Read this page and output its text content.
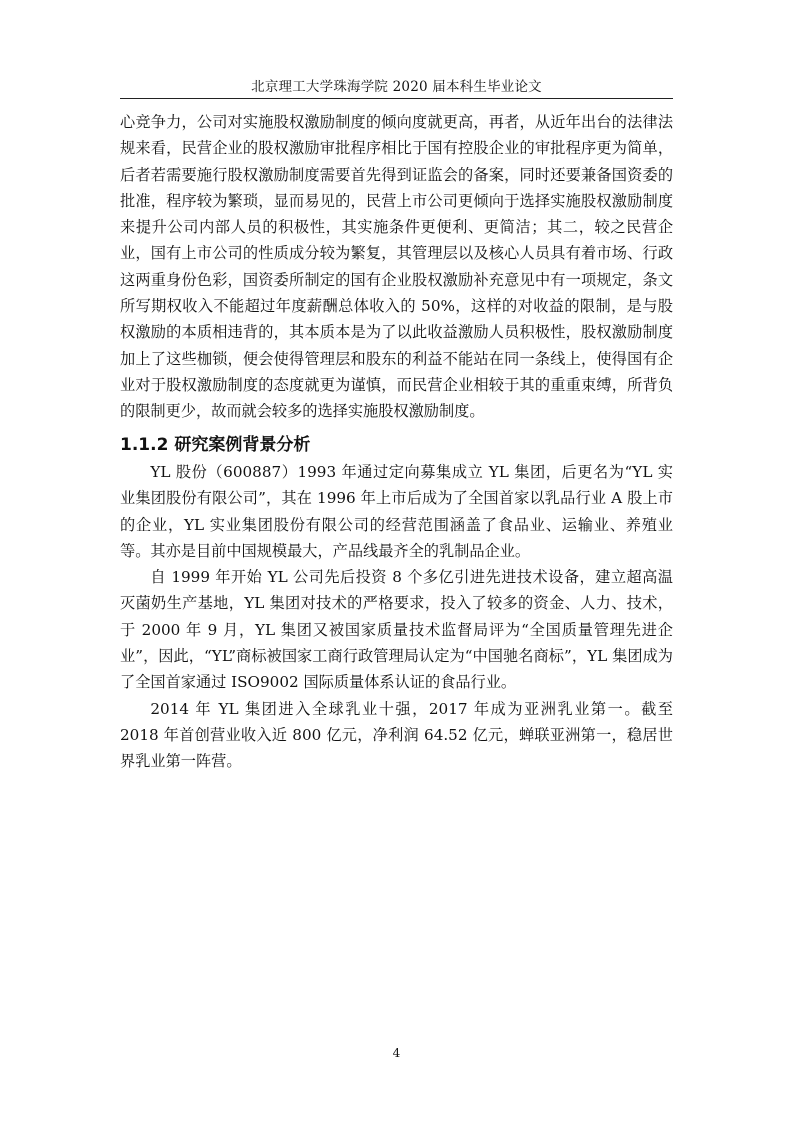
北京理工大学珠海学院 2020 届本科生毕业论文

心竞争力，公司对实施股权激励制度的倾向度就更高，再者，从近年出台的法律法规来看，民营企业的股权激励审批程序相比于国有控股企业的审批程序更为简单，后者若需要施行股权激励制度需要首先得到证监会的备案，同时还要兼备国资委的批准，程序较为繁琐，显而易见的，民营上市公司更倾向于选择实施股权激励制度来提升公司内部人员的积极性，其实施条件更便利、更简洁；其二，较之民营企业，国有上市公司的性质成分较为繁复，其管理层以及核心人员具有着市场、行政这两重身份色彩，国资委所制定的国有企业股权激励补充意见中有一项规定，条文所写期权收入不能超过年度薪酬总体收入的 50%，这样的对收益的限制，是与股权激励的本质相违背的，其本质本是为了以此收益激励人员积极性，股权激励制度加上了这些枷锁，便会使得管理层和股东的利益不能站在同一条线上，使得国有企业对于股权激励制度的态度就更为谨慎，而民营企业相较于其的重重束缚，所背负的限制更少，故而就会较多的选择实施股权激励制度。

1.1.2 研究案例背景分析

YL 股份（600887）1993 年通过定向募集成立 YL 集团，后更名为“YL 实业集团股份有限公司”，其在 1996 年上市后成为了全国首家以乳品行业 A 股上市的企业，YL 实业集团股份有限公司的经营范围涵盖了食品业、运输业、养殖业等。其亦是目前中国规模最大，产品线最齐全的乳制品企业。

自 1999 年开始 YL 公司先后投资 8 个多亿引进先进技术设备，建立超高温灭菌奶生产基地，YL 集团对技术的严格要求，投入了较多的资金、人力、技术，于 2000 年 9 月，YL 集团又被国家质量技术监督局评为“全国质量管理先进企业”，因此，“YL”商标被国家工商行政管理局认定为“中国驰名商标”，YL 集团成为了全国首家通过 ISO9002 国际质量体系认证的食品行业。

2014 年 YL 集团进入全球乳业十强，2017 年成为亚洲乳业第一。截至 2018 年首创营业收入近 800 亿元，净利润 64.52 亿元，蝉联亚洲第一，稳居世界乳业第一阵营。

4
